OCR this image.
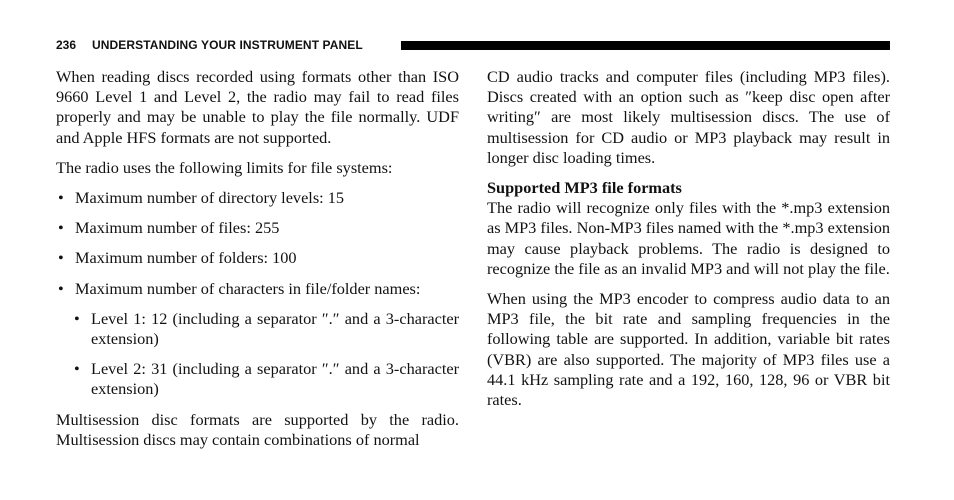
236 UNDERSTANDING YOUR INSTRUMENT PANEL

When reading discs recorded using formats other than ISO 9660 Level 1 and Level 2, the radio may fail to read files properly and may be unable to play the file normally. UDF and Apple HFS formats are not supported.

The radio uses the following limits for file systems:

• Maximum number of directory levels: 15
• Maximum number of files: 255
• Maximum number of folders: 100
• Maximum number of characters in file/folder names:
• Level 1: 12 (including a separator ″.″ and a 3-character extension)
• Level 2: 31 (including a separator ″.″ and a 3-character extension)

Multisession disc formats are supported by the radio. Multisession discs may contain combinations of normal

CD audio tracks and computer files (including MP3 files). Discs created with an option such as ″keep disc open after writing″ are most likely multisession discs. The use of multisession for CD audio or MP3 playback may result in longer disc loading times.

Supported MP3 file formats

The radio will recognize only files with the *.mp3 extension as MP3 files. Non-MP3 files named with the *.mp3 extension may cause playback problems. The radio is designed to recognize the file as an invalid MP3 and will not play the file.

When using the MP3 encoder to compress audio data to an MP3 file, the bit rate and sampling frequencies in the following table are supported. In addition, variable bit rates (VBR) are also supported. The majority of MP3 files use a 44.1 kHz sampling rate and a 192, 160, 128, 96 or VBR bit rates.
